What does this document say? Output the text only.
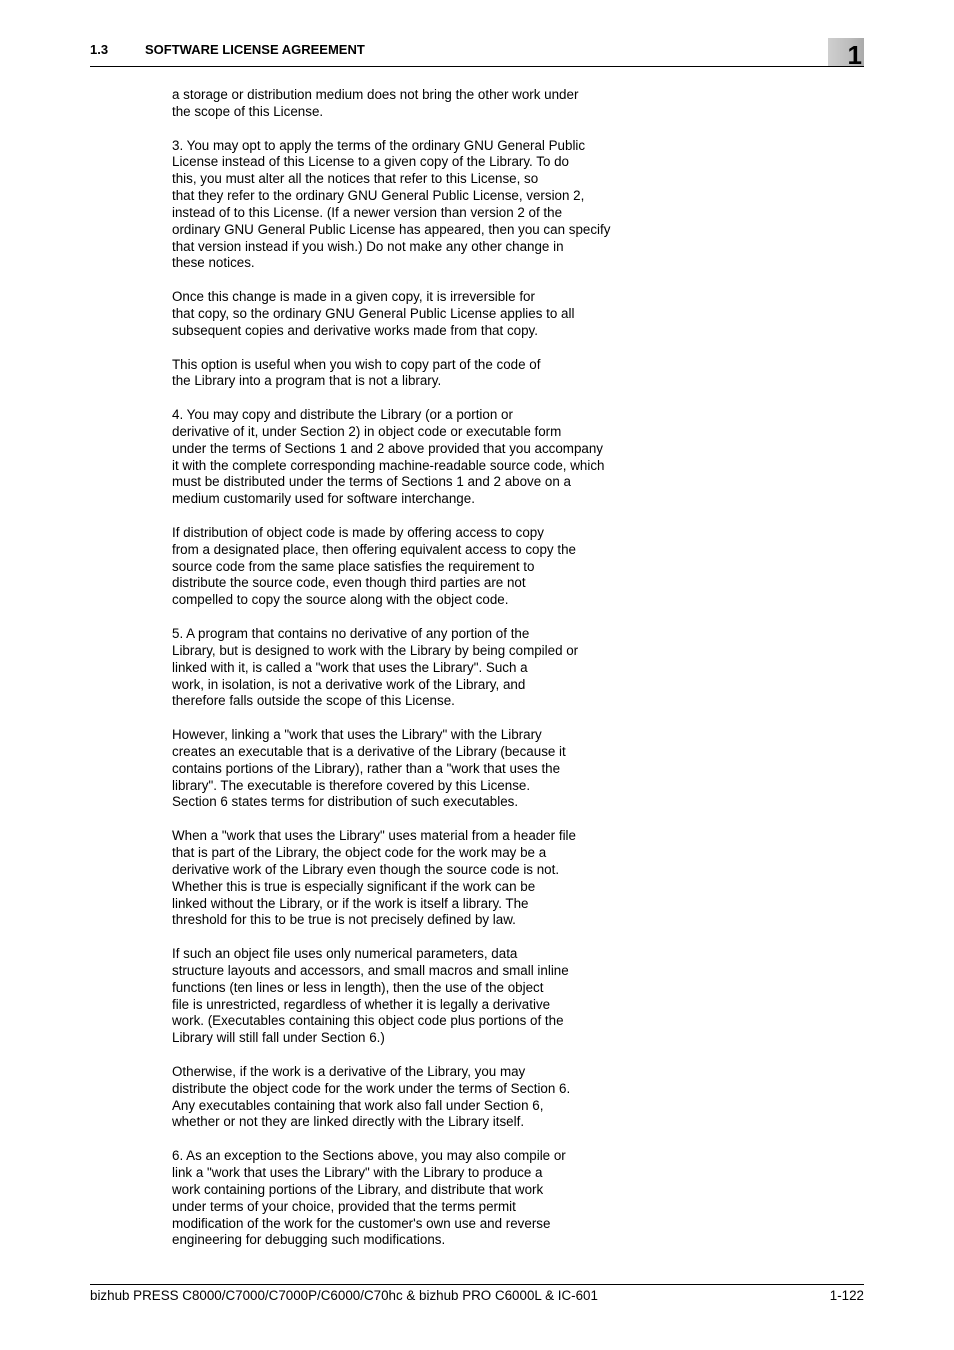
1.3	SOFTWARE LICENSE AGREEMENT	1

a storage or distribution medium does not bring the other work under
the scope of this License.

3. You may opt to apply the terms of the ordinary GNU General Public
License instead of this License to a given copy of the Library. To do
this, you must alter all the notices that refer to this License, so
that they refer to the ordinary GNU General Public License, version 2,
instead of to this License. (If a newer version than version 2 of the
ordinary GNU General Public License has appeared, then you can specify
that version instead if you wish.) Do not make any other change in
these notices.

Once this change is made in a given copy, it is irreversible for
that copy, so the ordinary GNU General Public License applies to all
subsequent copies and derivative works made from that copy.

This option is useful when you wish to copy part of the code of
the Library into a program that is not a library.

4. You may copy and distribute the Library (or a portion or
derivative of it, under Section 2) in object code or executable form
under the terms of Sections 1 and 2 above provided that you accompany
it with the complete corresponding machine-readable source code, which
must be distributed under the terms of Sections 1 and 2 above on a
medium customarily used for software interchange.

If distribution of object code is made by offering access to copy
from a designated place, then offering equivalent access to copy the
source code from the same place satisfies the requirement to
distribute the source code, even though third parties are not
compelled to copy the source along with the object code.

5. A program that contains no derivative of any portion of the
Library, but is designed to work with the Library by being compiled or
linked with it, is called a "work that uses the Library". Such a
work, in isolation, is not a derivative work of the Library, and
therefore falls outside the scope of this License.

However, linking a "work that uses the Library" with the Library
creates an executable that is a derivative of the Library (because it
contains portions of the Library), rather than a "work that uses the
library". The executable is therefore covered by this License.
Section 6 states terms for distribution of such executables.

When a "work that uses the Library" uses material from a header file
that is part of the Library, the object code for the work may be a
derivative work of the Library even though the source code is not.
Whether this is true is especially significant if the work can be
linked without the Library, or if the work is itself a library. The
threshold for this to be true is not precisely defined by law.

If such an object file uses only numerical parameters, data
structure layouts and accessors, and small macros and small inline
functions (ten lines or less in length), then the use of the object
file is unrestricted, regardless of whether it is legally a derivative
work. (Executables containing this object code plus portions of the
Library will still fall under Section 6.)

Otherwise, if the work is a derivative of the Library, you may
distribute the object code for the work under the terms of Section 6.
Any executables containing that work also fall under Section 6,
whether or not they are linked directly with the Library itself.

6. As an exception to the Sections above, you may also compile or
link a "work that uses the Library" with the Library to produce a
work containing portions of the Library, and distribute that work
under terms of your choice, provided that the terms permit
modification of the work for the customer's own use and reverse
engineering for debugging such modifications.

bizhub PRESS C8000/C7000/C7000P/C6000/C70hc & bizhub PRO C6000L & IC-601	1-122
